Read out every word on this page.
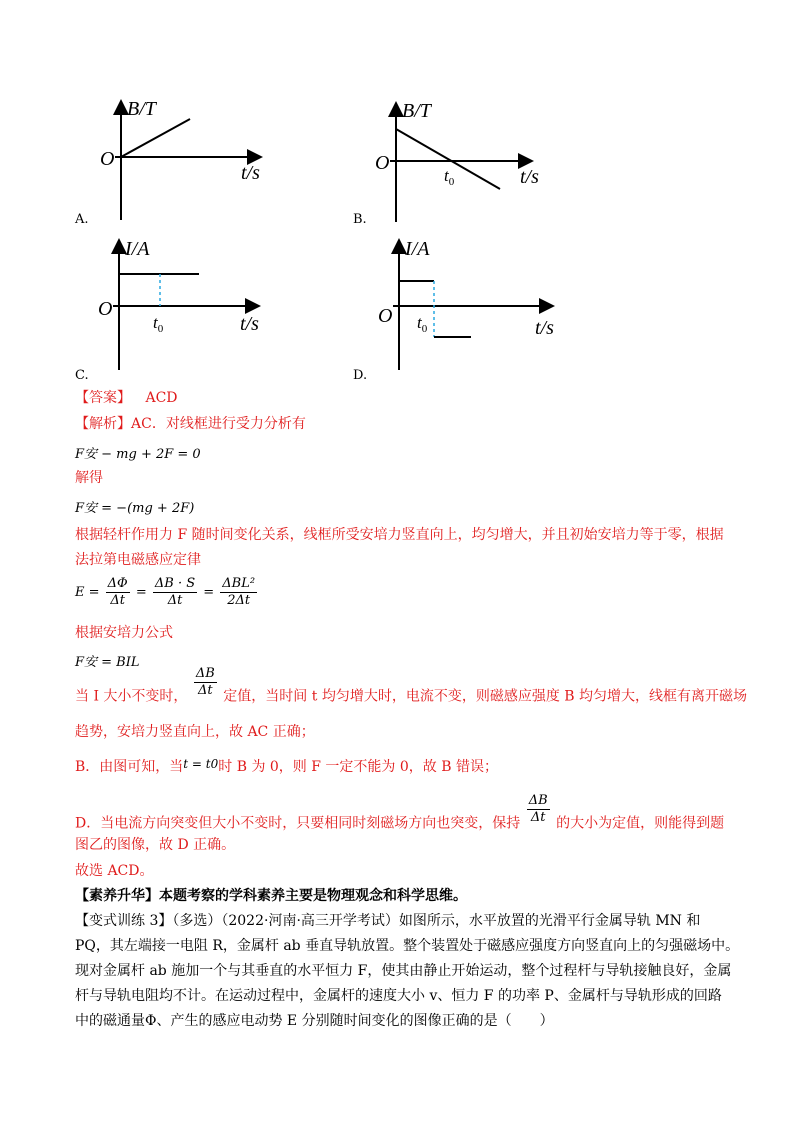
B/T
O
t/s
A.
B/T
O
$t_0$	t/s
B.
I/A
O
$t_0$	t/s
C.
I/A
O $t_0$	t/s
D.
【答案】 ACD
【解析】AC．对线框进行受力分析有
F安 − mg + 2F = 0
解得
F安 = −(mg + 2F)
根据轻杆作用力 F 随时间变化关系，线框所受安培力竖直向上，均匀增大，并且初始安培力等于零，根据
法拉第电磁感应定律
$E = \frac{\Delta\Phi}{\Delta t} = \frac{\Delta B \cdot S}{\Delta t} = \frac{\text{ΔBL²}}{2\Delta t}$
根据安培力公式
F安 = BIL
当 I 大小不变时， $\frac{\Delta B}{\Delta t}$ 定值，当时间 t 均匀增大时，电流不变，则磁感应强度 B 均匀增大，线框有离开磁场
趋势，安培力竖直向上，故 AC 正确；
B．由图可知，当t = t0时 B 为 0，则 F 一定不能为 0，故 B 错误；
D．当电流方向突变但大小不变时，只要相同时刻磁场方向也突变，保持 $\frac{\Delta B}{\Delta t}$ 的大小为定值，则能得到题
图乙的图像，故 D 正确。
故选 ACD。
【素养升华】本题考察的学科素养主要是物理观念和科学思维。
【变式训练 3】（多选）（2022·河南·高三开学考试）如图所示，水平放置的光滑平行金属导轨 MN 和
PQ，其左端接一电阻 R，金属杆 ab 垂直导轨放置。整个装置处于磁感应强度方向竖直向上的匀强磁场中。
现对金属杆 ab 施加一个与其垂直的水平恒力 F，使其由静止开始运动，整个过程杆与导轨接触良好，金属
杆与导轨电阻均不计。在运动过程中，金属杆的速度大小 v、恒力 F 的功率 P、金属杆与导轨形成的回路
中的磁通量Φ、产生的感应电动势 E 分别随时间变化的图像正确的是（　　）
